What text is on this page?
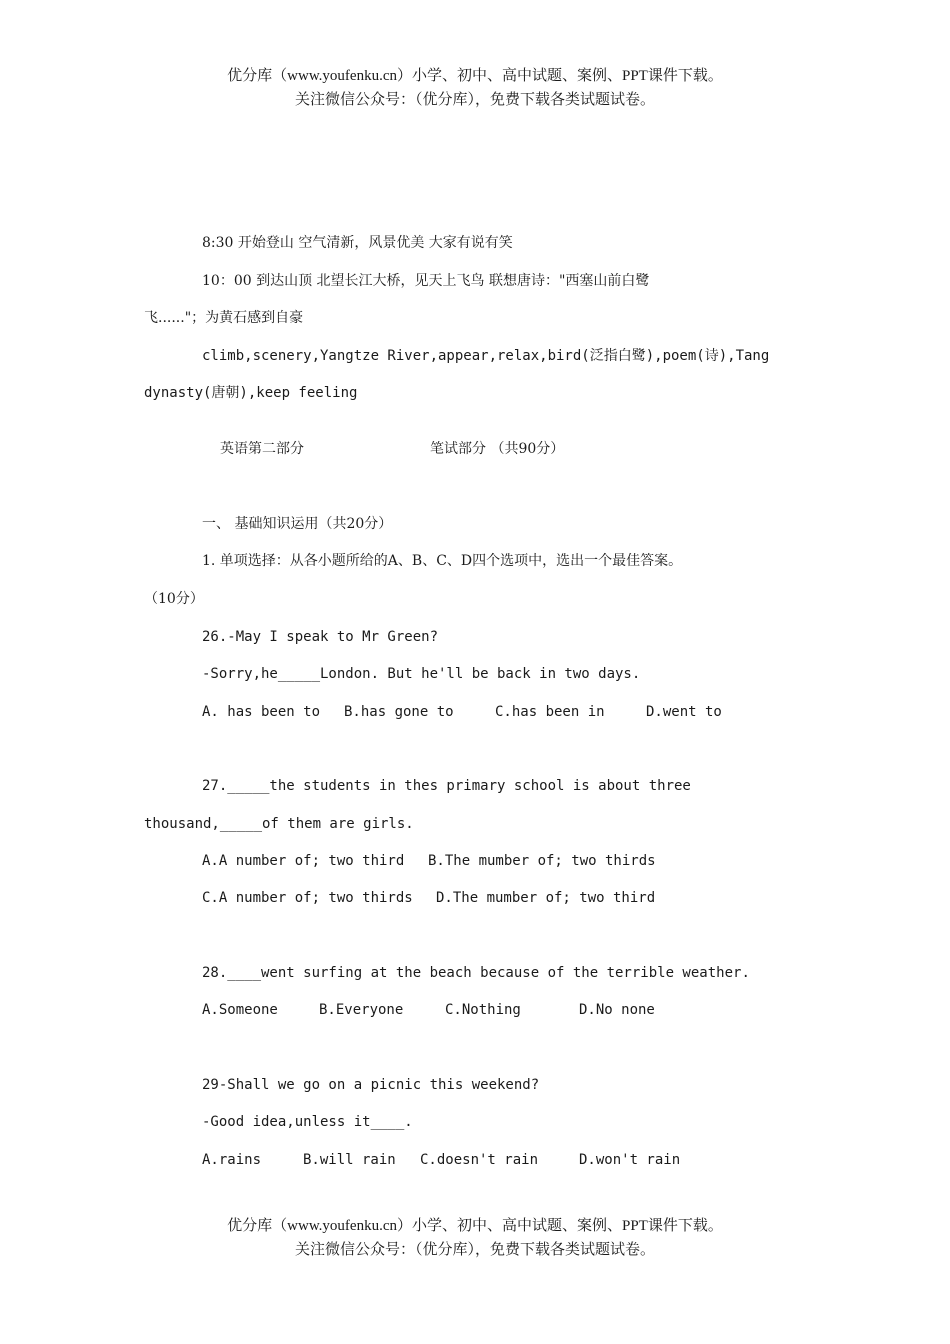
优分库（www.youfenku.cn）小学、初中、高中试题、案例、PPT课件下载。
关注微信公众号：（优分库），免费下载各类试题试卷。
8:30 开始登山 空气清新，风景优美 大家有说有笑
10：00 到达山顶 北望长江大桥，见天上飞鸟 联想唐诗："西塞山前白鹭
飞......"；为黄石感到自豪
climb,scenery,Yangtze River,appear,relax,bird(泛指白鹭),poem(诗),Tang
dynasty(唐朝),keep feeling
英语第二部分	笔试部分 （共90分）
一、 基础知识运用（共20分）
1. 单项选择：从各小题所给的A、B、C、D四个选项中，选出一个最佳答案。
（10分）
26.-May I speak to Mr Green?
-Sorry,he_____London. But he'll be back in two days.
A. has been to B.has gone to	C.has been in	D.went to
27._____the students in thes primary school is about three
thousand,_____of them are girls.
A.A number of; two third B.The mumber of; two thirds
C.A number of; two thirds D.The mumber of; two third
28.____went surfing at the beach because of the terrible weather.
A.Someone	B.Everyone	C.Nothing	D.No none
29-Shall we go on a picnic this weekend?
-Good idea,unless it____.
A.rains	B.will rain C.doesn't rain	D.won't rain
优分库（www.youfenku.cn）小学、初中、高中试题、案例、PPT课件下载。
关注微信公众号：（优分库），免费下载各类试题试卷。
